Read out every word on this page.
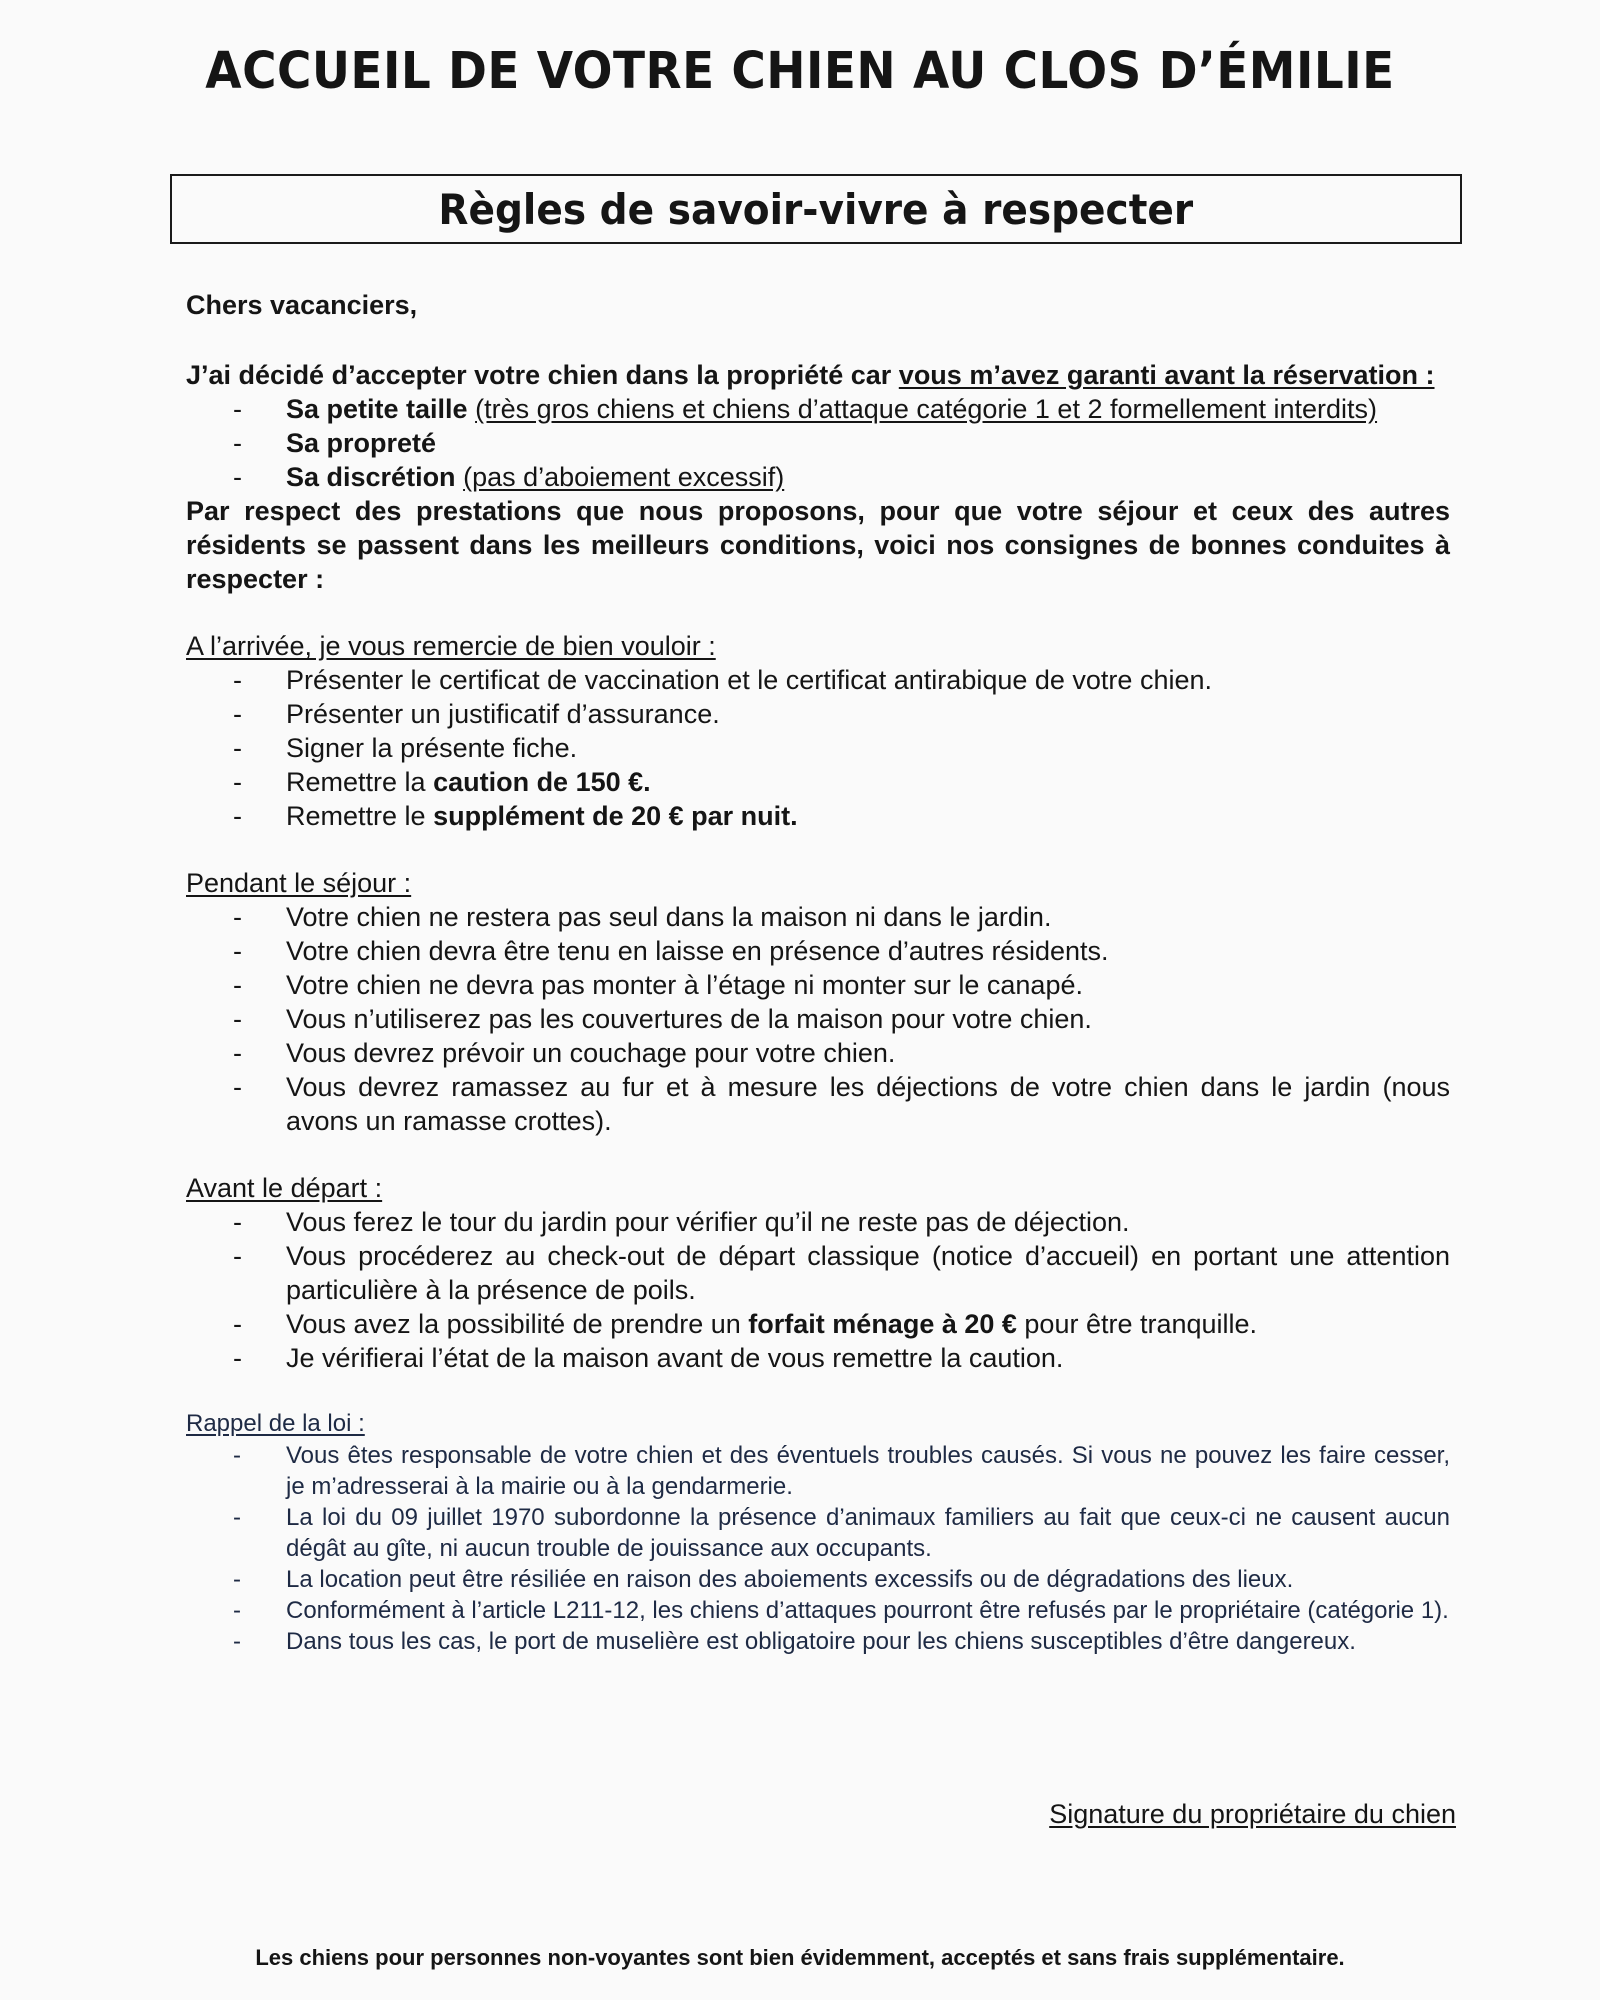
ACCUEIL DE VOTRE CHIEN AU CLOS D’ÉMILIE
Règles de savoir-vivre à respecter

Chers vacanciers,

J’ai décidé d’accepter votre chien dans la propriété car vous m’avez garanti avant la réservation :

- Sa petite taille (très gros chiens et chiens d’attaque catégorie 1 et 2 formellement interdits)
- Sa propreté
- Sa discrétion (pas d’aboiement excessif)

Par respect des prestations que nous proposons, pour que votre séjour et ceux des autres résidents se passent dans les meilleurs conditions, voici nos consignes de bonnes conduites à respecter :

A l’arrivée, je vous remercie de bien vouloir :

- Présenter le certificat de vaccination et le certificat antirabique de votre chien.
- Présenter un justificatif d’assurance.
- Signer la présente fiche.
- Remettre la caution de 150 €.
- Remettre le supplément de 20 € par nuit.

Pendant le séjour :

- Votre chien ne restera pas seul dans la maison ni dans le jardin.
- Votre chien devra être tenu en laisse en présence d’autres résidents.
- Votre chien ne devra pas monter à l’étage ni monter sur le canapé.
- Vous n’utiliserez pas les couvertures de la maison pour votre chien.
- Vous devrez prévoir un couchage pour votre chien.
- Vous devrez ramassez au fur et à mesure les déjections de votre chien dans le jardin (nous avons un ramasse crottes).

Avant le départ :

- Vous ferez le tour du jardin pour vérifier qu’il ne reste pas de déjection.
- Vous procéderez au check-out de départ classique (notice d’accueil) en portant une attention particulière à la présence de poils.
- Vous avez la possibilité de prendre un forfait ménage à 20 € pour être tranquille.
- Je vérifierai l’état de la maison avant de vous remettre la caution.

Rappel de la loi :

- Vous êtes responsable de votre chien et des éventuels troubles causés. Si vous ne pouvez les faire cesser, je m’adresserai à la mairie ou à la gendarmerie.
- La loi du 09 juillet 1970 subordonne la présence d’animaux familiers au fait que ceux-ci ne causent aucun dégât au gîte, ni aucun trouble de jouissance aux occupants.
- La location peut être résiliée en raison des aboiements excessifs ou de dégradations des lieux.
- Conformément à l’article L211-12, les chiens d’attaques pourront être refusés par le propriétaire (catégorie 1).
- Dans tous les cas, le port de muselière est obligatoire pour les chiens susceptibles d’être dangereux.

Signature du propriétaire du chien

Les chiens pour personnes non-voyantes sont bien évidemment, acceptés et sans frais supplémentaire.
